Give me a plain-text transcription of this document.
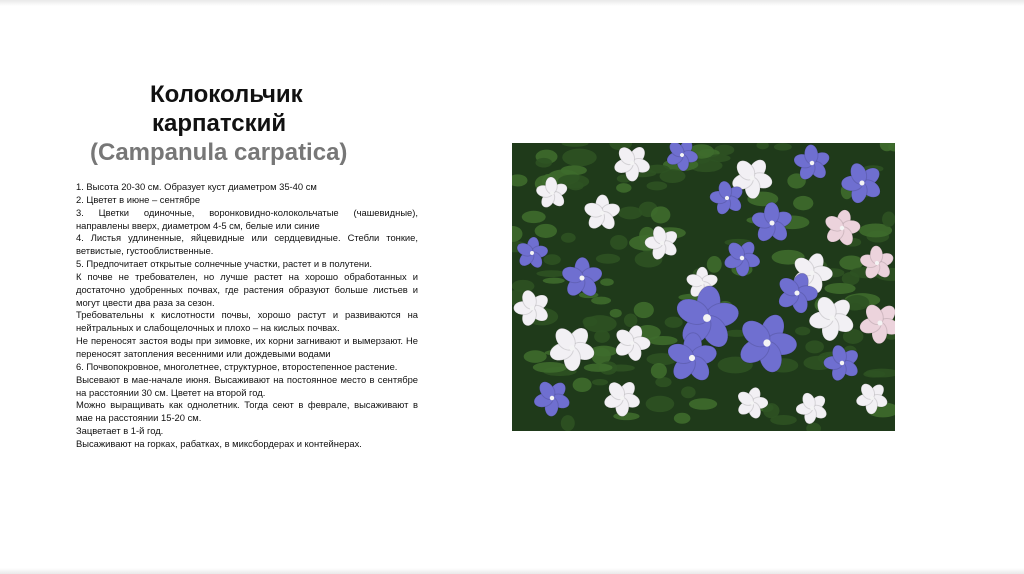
Колокольчик
карпатский
(Campanula carpatica)

1. Высота 20-30 см. Образует куст диаметром 35-40 см

2. Цветет в июне – сентябре

3. Цветки одиночные, воронковидно-колокольчатые (чашевидные), направлены вверх, диаметром 4-5 см, белые или синие

4. Листья удлиненные, яйцевидные или сердцевидные. Стебли тонкие, ветвистые, густооблиственные.

5. Предпочитает открытые солнечные участки, растет и в полутени.

К почве не требователен, но лучше растет на хорошо обработанных и достаточно удобренных почвах, где растения образуют больше листьев и могут цвести два раза за сезон.

Требовательны к кислотности почвы, хорошо растут и развиваются на нейтральных и слабощелочных и плохо – на кислых почвах.

Не переносят застоя воды при зимовке, их корни загнивают и вымерзают. Не переносят затопления весенними или дождевыми водами

6. Почвопокровное, многолетнее, структурное, второстепенное растение.

Высевают в мае-начале июня. Высаживают на постоянное место в сентябре на расстоянии 30 см. Цветет на второй год.

Можно выращивать как однолетник. Тогда сеют в феврале, высаживают в мае на расстоянии 15-20 см.

Зацветает в 1-й год.

Высаживают на горках, рабатках, в миксбордерах и контейнерах.
